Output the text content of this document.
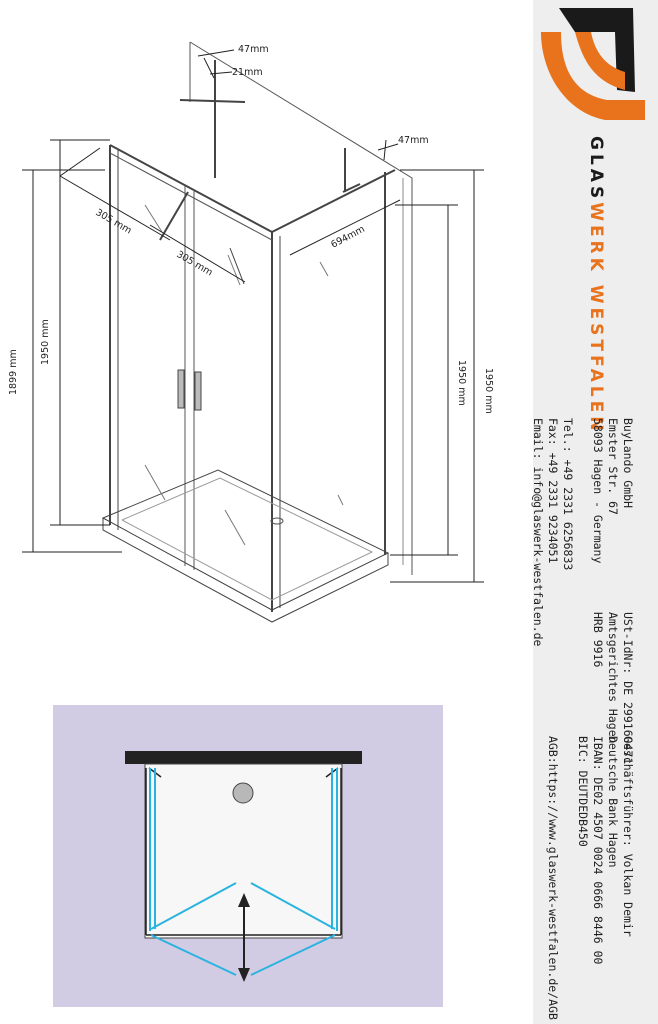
47mm
21mm
47mm
305 mm
305 mm
694mm
1899 mm
1950 mm
1950 mm 1950 mm
GLASWERK WESTFALEN
BuyLando GmbH
Emster Str. 67
58093 Hagen - Germany
Tel.: +49 2331 6256833
Fax: +49 2331 9234051
Email: info@glaswerk-westfalen.de
USt-IdNr: DE 299160471
Amtsgerichtes Hagen
HRB 9916
Geschäftsführer: Volkan Demir
Deutsche Bank Hagen
IBAN: DE02 4507 0024 0666 8446 00
BIC: DEUTDEDB450
AGB:https://www.glaswerk-westfalen.de/AGB
